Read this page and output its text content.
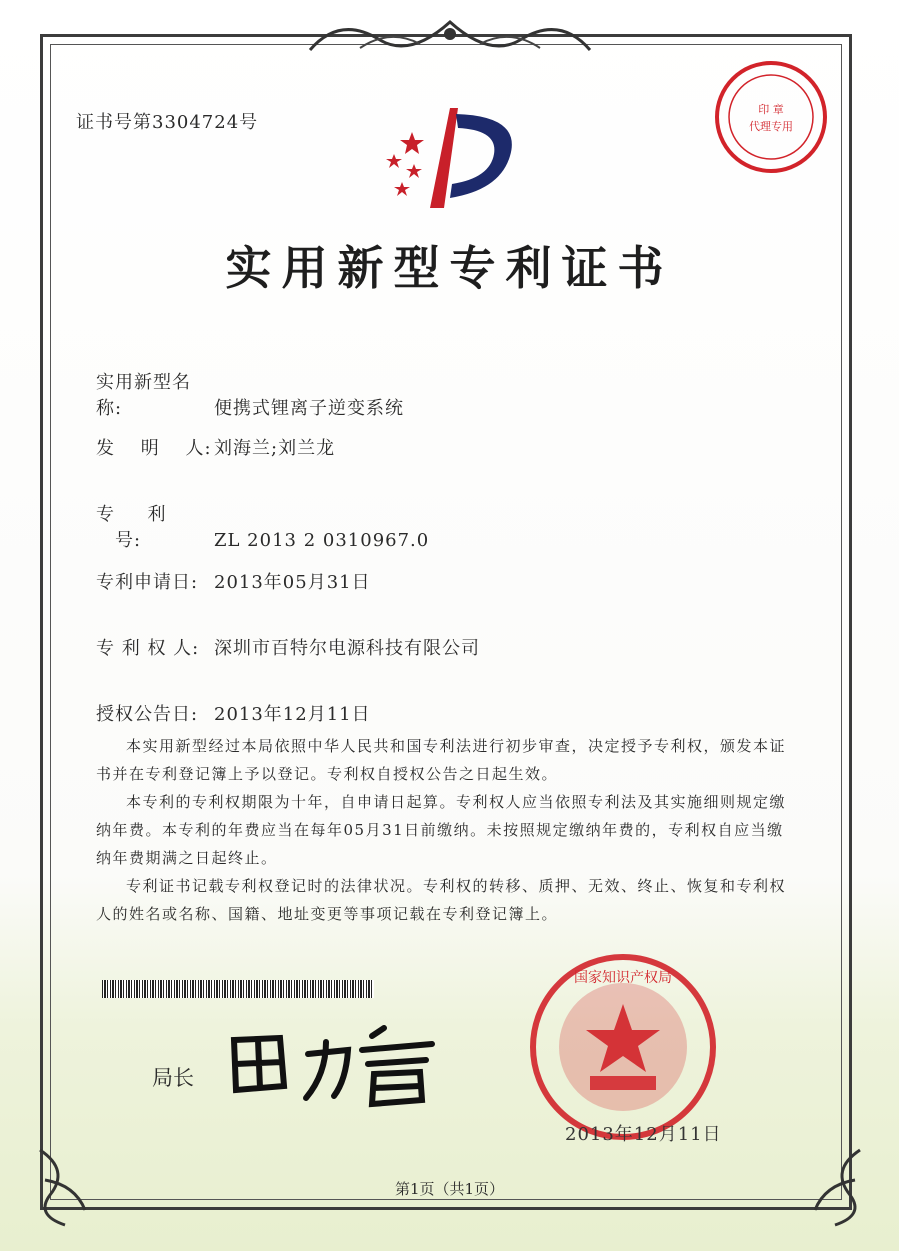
证书号第3304724号
印 章
代理专用
实用新型专利证书
实用新型名称:	便携式锂离子逆变系统
发　 明 　人: 刘海兰;刘兰龙
专 　 利 　号:	ZL 2013 2 0310967.0
专利申请日: 2013年05月31日
专 利 权 人: 深圳市百特尔电源科技有限公司
授权公告日: 2013年12月11日

本实用新型经过本局依照中华人民共和国专利法进行初步审查，决定授予专利权，颁发本证书并在专利登记簿上予以登记。专利权自授权公告之日起生效。

本专利的专利权期限为十年，自申请日起算。专利权人应当依照专利法及其实施细则规定缴纳年费。本专利的年费应当在每年05月31日前缴纳。未按照规定缴纳年费的，专利权自应当缴纳年费期满之日起终止。

专利证书记载专利权登记时的法律状况。专利权的转移、质押、无效、终止、恢复和专利权人的姓名或名称、国籍、地址变更等事项记载在专利登记簿上。

局长
国家知识产权局
2013年12月11日
第1页（共1页）
